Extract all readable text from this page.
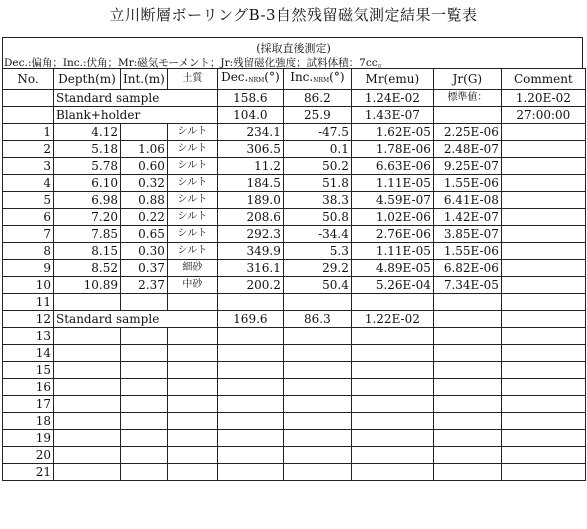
立川断層ボーリングB-3自然残留磁気測定結果一覧表
(採取直後測定)
Dec.:偏角；Inc.:伏角；Mr:磁気モーメント；Jr:残留磁化強度；試料体積：7cc。
No.	Depth(m)	Int.(m)	土質	$Dec._{NRM}(^\circ)$	$Inc._{NRM}(^\circ)$	Mr(emu)	Jr(G)	Comment
	Standard sample			158.6	86.2	1.24E-02	標準値：	1.20E-02
	Blank+holder			104.0	25.9	1.43E-07		27:00:00
1	4.12		シルト	234.1	-47.5	1.62E-05	2.25E-06	
2	5.18	1.06	シルト	306.5	0.1	1.78E-06	2.48E-07	
3	5.78	0.60	シルト	11.2	50.2	6.63E-06	9.25E-07	
4	6.10	0.32	シルト	184.5	51.8	1.11E-05	1.55E-06	
5	6.98	0.88	シルト	189.0	38.3	4.59E-07	6.41E-08	
6	7.20	0.22	シルト	208.6	50.8	1.02E-06	1.42E-07	
7	7.85	0.65	シルト	292.3	-34.4	2.76E-06	3.85E-07	
8	8.15	0.30	シルト	349.9	5.3	1.11E-05	1.55E-06	
9	8.52	0.37	細砂	316.1	29.2	4.89E-05	6.82E-06	
10	10.89	2.37	中砂	200.2	50.4	5.26E-04	7.34E-05	
11								
12	Standard sample			169.6	86.3	1.22E-02		
13								
14								
15								
16								
17								
18								
19								
20								
21								
